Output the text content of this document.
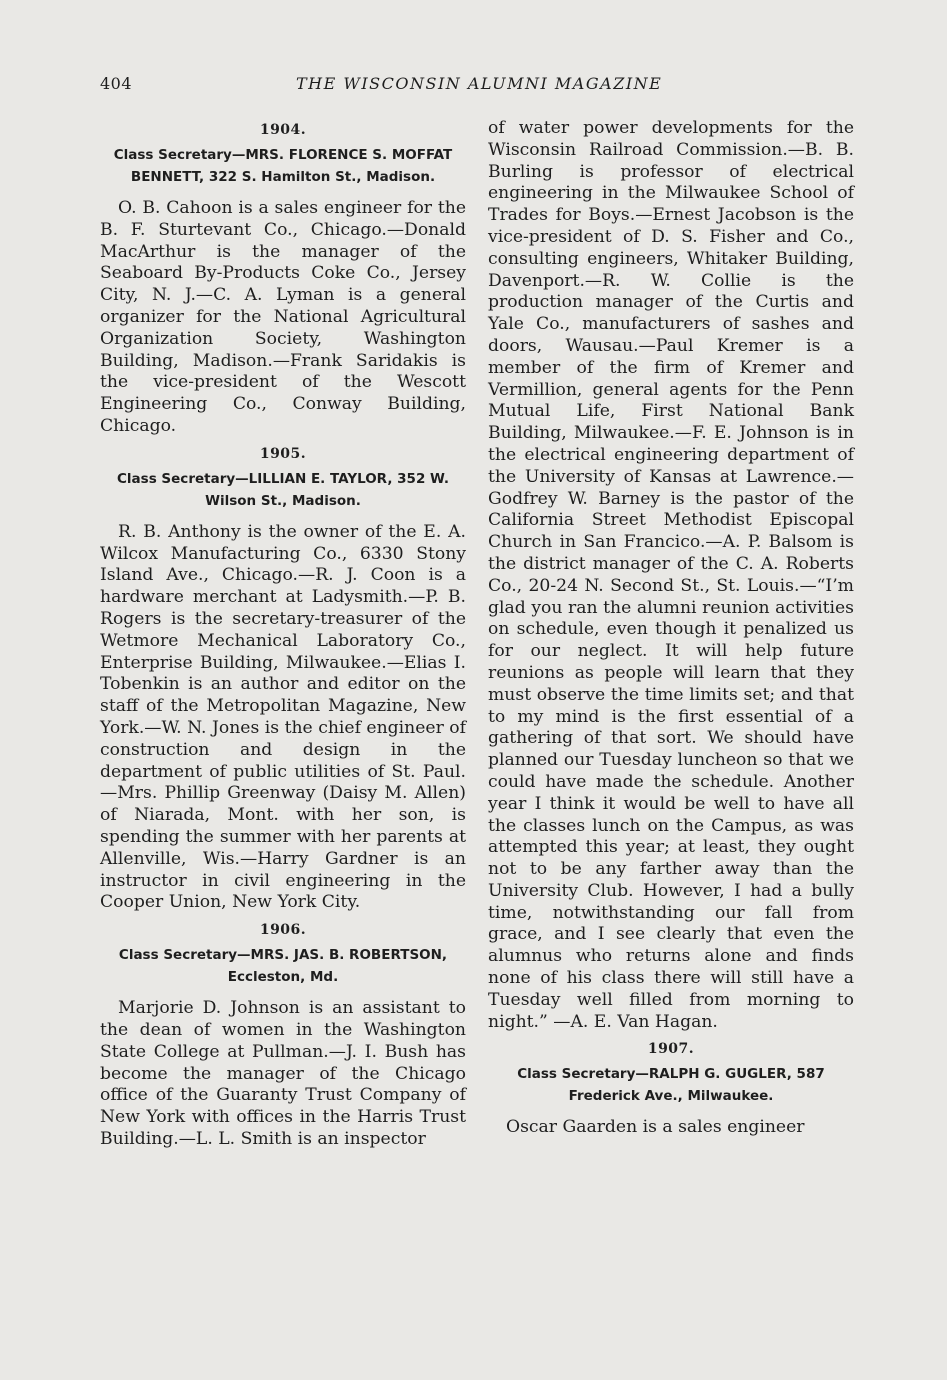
404	THE WISCONSIN ALUMNI MAGAZINE
1904.
Class Secretary—MRS. FLORENCE S. MOFFAT BENNETT, 322 S. Hamilton St., Madison.

O. B. Cahoon is a sales engineer for the B. F. Sturtevant Co., Chicago.—Donald MacArthur is the manager of the Seaboard By-Products Coke Co., Jersey City, N. J.—C. A. Lyman is a general organizer for the National Agricultural Organization Society, Washington Building, Madison.—Frank Saridakis is the vice-president of the Wescott Engineering Co., Conway Building, Chicago.

1905.
Class Secretary—LILLIAN E. TAYLOR, 352 W. Wilson St., Madison.

R. B. Anthony is the owner of the E. A. Wilcox Manufacturing Co., 6330 Stony Island Ave., Chicago.—R. J. Coon is a hardware merchant at Ladysmith.—P. B. Rogers is the secretary-treasurer of the Wetmore Mechanical Laboratory Co., Enterprise Building, Milwaukee.—Elias I. Tobenkin is an author and editor on the staff of the Metropolitan Magazine, New York.—W. N. Jones is the chief engineer of construction and design in the department of public utilities of St. Paul.—Mrs. Phillip Greenway (Daisy M. Allen) of Niarada, Mont. with her son, is spending the summer with her parents at Allenville, Wis.—Harry Gardner is an instructor in civil engineering in the Cooper Union, New York City.

1906.
Class Secretary—MRS. JAS. B. ROBERTSON, Eccleston, Md.

Marjorie D. Johnson is an assistant to the dean of women in the Washington State College at Pullman.—J. I. Bush has become the manager of the Chicago office of the Guaranty Trust Company of New York with offices in the Harris Trust Building.—L. L. Smith is an inspector

of water power developments for the Wisconsin Railroad Commission.—B. B. Burling is professor of electrical engineering in the Milwaukee School of Trades for Boys.—Ernest Jacobson is the vice-president of D. S. Fisher and Co., consulting engineers, Whitaker Building, Davenport.—R. W. Collie is the production manager of the Curtis and Yale Co., manufacturers of sashes and doors, Wausau.—Paul Kremer is a member of the firm of Kremer and Vermillion, general agents for the Penn Mutual Life, First National Bank Building, Milwaukee.—F. E. Johnson is in the electrical engineering department of the University of Kansas at Lawrence.—Godfrey W. Barney is the pastor of the California Street Methodist Episcopal Church in San Francico.—A. P. Balsom is the district manager of the C. A. Roberts Co., 20-24 N. Second St., St. Louis.—“I’m glad you ran the alumni reunion activities on schedule, even though it penalized us for our neglect. It will help future reunions as people will learn that they must observe the time limits set; and that to my mind is the first essential of a gathering of that sort. We should have planned our Tuesday luncheon so that we could have made the schedule. Another year I think it would be well to have all the classes lunch on the Campus, as was attempted this year; at least, they ought not to be any farther away than the University Club. However, I had a bully time, notwithstanding our fall from grace, and I see clearly that even the alumnus who returns alone and finds none of his class there will still have a Tuesday well filled from morning to night.” —A. E. Van Hagan.

1907.
Class Secretary—RALPH G. GUGLER, 587 Frederick Ave., Milwaukee.

Oscar Gaarden is a sales engineer
